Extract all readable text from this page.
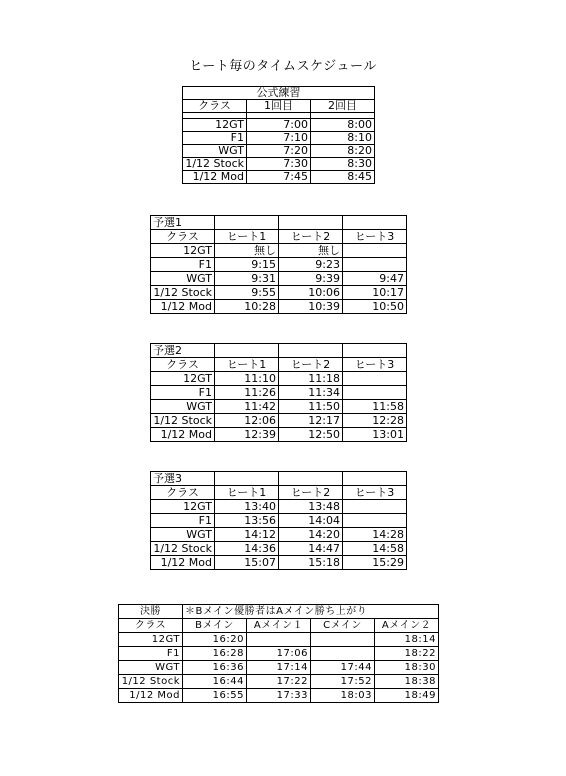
ヒート毎のタイムスケジュール
公式練習		
クラス	1回目	2回目

12GT	7:00	8:00
F1	7:10	8:10
WGT	7:20	8:20
1/12 Stock	7:30	8:30
1/12 Mod	7:45	8:45
予選1			
クラス	ヒート1	ヒート2	ヒート3
12GT	無し	無し	
F1	9:15	9:23	
WGT	9:31	9:39	9:47
1/12 Stock	9:55	10:06	10:17
1/12 Mod	10:28	10:39	10:50
予選2			
クラス	ヒート1	ヒート2	ヒート3
12GT	11:10	11:18	
F1	11:26	11:34	
WGT	11:42	11:50	11:58
1/12 Stock	12:06	12:17	12:28
1/12 Mod	12:39	12:50	13:01
予選3			
クラス	ヒート1	ヒート2	ヒート3
12GT	13:40	13:48	
F1	13:56	14:04	
WGT	14:12	14:20	14:28
1/12 Stock	14:36	14:47	14:58
1/12 Mod	15:07	15:18	15:29
決勝	＊Bメイン優勝者はAメイン勝ち上がり			
クラス	Bメイン	Aメイン１	Cメイン	Aメイン２
12GT	16:20			18:14
F1	16:28	17:06		18:22
WGT	16:36	17:14	17:44	18:30
1/12 Stock	16:44	17:22	17:52	18:38
1/12 Mod	16:55	17:33	18:03	18:49
